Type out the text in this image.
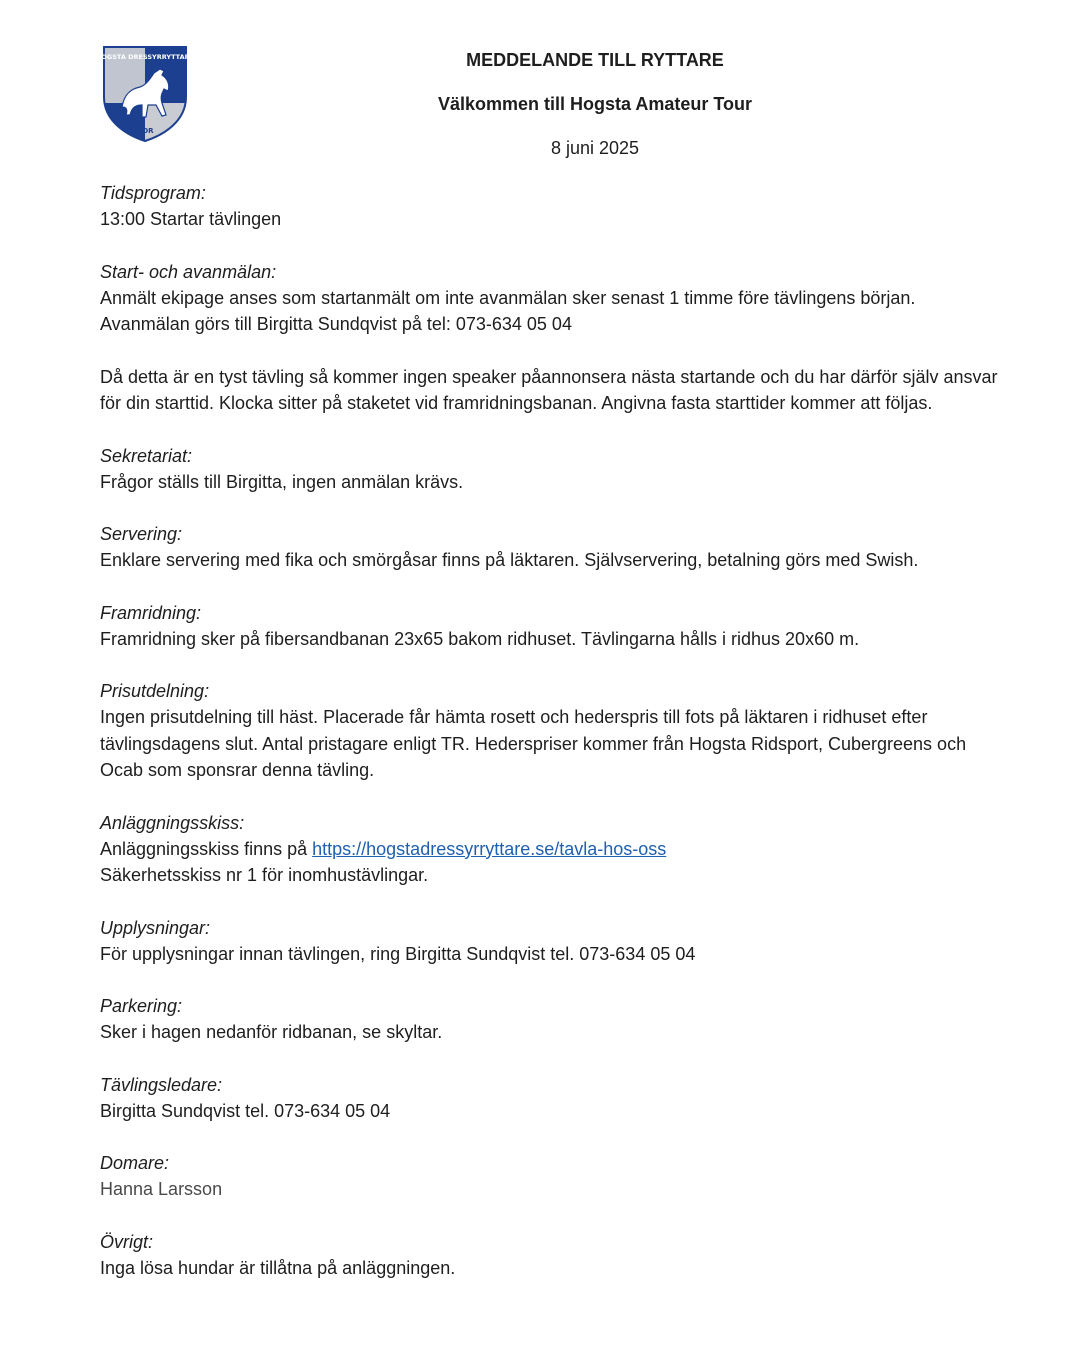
HOGSTA DRESSYRRYTTARE
HDR
MEDDELANDE TILL RYTTARE
Välkommen till Hogsta Amateur Tour
8 juni 2025
Tidsprogram:
13:00 Startar tävlingen
Start- och avanmälan:
Anmält ekipage anses som startanmält om inte avanmälan sker senast 1 timme före tävlingens början. Avanmälan görs till Birgitta Sundqvist på tel: 073-634 05 04
Då detta är en tyst tävling så kommer ingen speaker påannonsera nästa startande och du har därför själv ansvar för din starttid. Klocka sitter på staketet vid framridningsbanan. Angivna fasta starttider kommer att följas.
Sekretariat:
Frågor ställs till Birgitta, ingen anmälan krävs.
Servering:
Enklare servering med fika och smörgåsar finns på läktaren. Självservering, betalning görs med Swish.
Framridning:
Framridning sker på fibersandbanan 23x65 bakom ridhuset. Tävlingarna hålls i ridhus 20x60 m.
Prisutdelning:
Ingen prisutdelning till häst. Placerade får hämta rosett och hederspris till fots på läktaren i ridhuset efter tävlingsdagens slut. Antal pristagare enligt TR. Hederspriser kommer från Hogsta Ridsport, Cubergreens och Ocab som sponsrar denna tävling.
Anläggningsskiss:
Anläggningsskiss finns på https://hogstadressyrryttare.se/tavla-hos-oss
Säkerhetsskiss nr 1 för inomhustävlingar.
Upplysningar:
För upplysningar innan tävlingen, ring Birgitta Sundqvist tel. 073-634 05 04
Parkering:
Sker i hagen nedanför ridbanan, se skyltar.
Tävlingsledare:
Birgitta Sundqvist tel. 073-634 05 04
Domare:
Hanna Larsson
Övrigt:
Inga lösa hundar är tillåtna på anläggningen.
